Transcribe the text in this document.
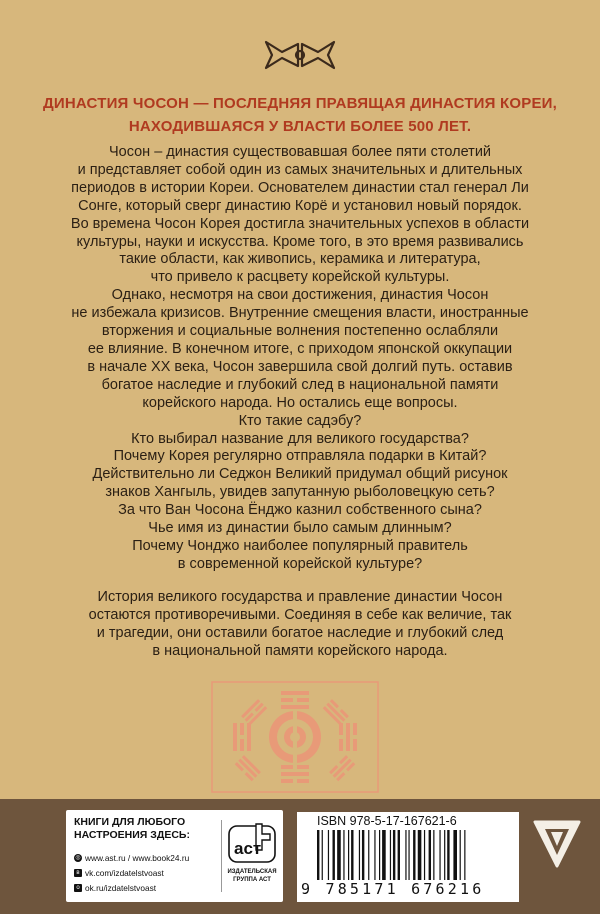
ДИНАСТИЯ ЧОСОН — ПОСЛЕДНЯЯ ПРАВЯЩАЯ ДИНАСТИЯ КОРЕИ,
НАХОДИВШАЯСЯ У ВЛАСТИ БОЛЕЕ 500 ЛЕТ.
Чосон – династия существовавшая более пяти столетий
и представляет собой один из самых значительных и длительных
периодов в истории Кореи. Основателем династии стал генерал Ли
Сонге, который сверг династию Корё и установил новый порядок.
Во времена Чосон Корея достигла значительных успехов в области
культуры, науки и искусства. Кроме того, в это время развивались
такие области, как живопись, керамика и литература,
что привело к расцвету корейской культуры.
Однако, несмотря на свои достижения, династия Чосон
не избежала кризисов. Внутренние смещения власти, иностранные
вторжения и социальные волнения постепенно ослабляли
ее влияние. В конечном итоге, с приходом японской оккупации
в начале XX века, Чосон завершила свой долгий путь. оставив
богатое наследие и глубокий след в национальной памяти
корейского народа. Но остались еще вопросы.
Кто такие садэбу?
Кто выбирал название для великого государства?
Почему Корея регулярно отправляла подарки в Китай?
Действительно ли Седжон Великий придумал общий рисунок
знаков Хангыль, увидев запутанную рыболовецкую сеть?
За что Ван Чосона Ёнджо казнил собственного сына?
Чье имя из династии было самым длинным?
Почему Чонджо наиболее популярный правитель
в современной корейской культуре?
История великого государства и правление династии Чосон
остаются противоречивыми. Соединяя в себе как величие, так
и трагедии, они оставили богатое наследие и глубокий след
в национальной памяти корейского народа.
КНИГИ ДЛЯ ЛЮБОГО
НАСТРОЕНИЯ ЗДЕСЬ:
◎ www.ast.ru / www.book24.ru
в vk.com/izdatelstvoast
о ok.ru/izdatelstvoast
аст
ИЗДАТЕЛЬСКАЯ
ГРУППА АСТ
ISBN 978-5-17-167621-6
9 785171 676216
